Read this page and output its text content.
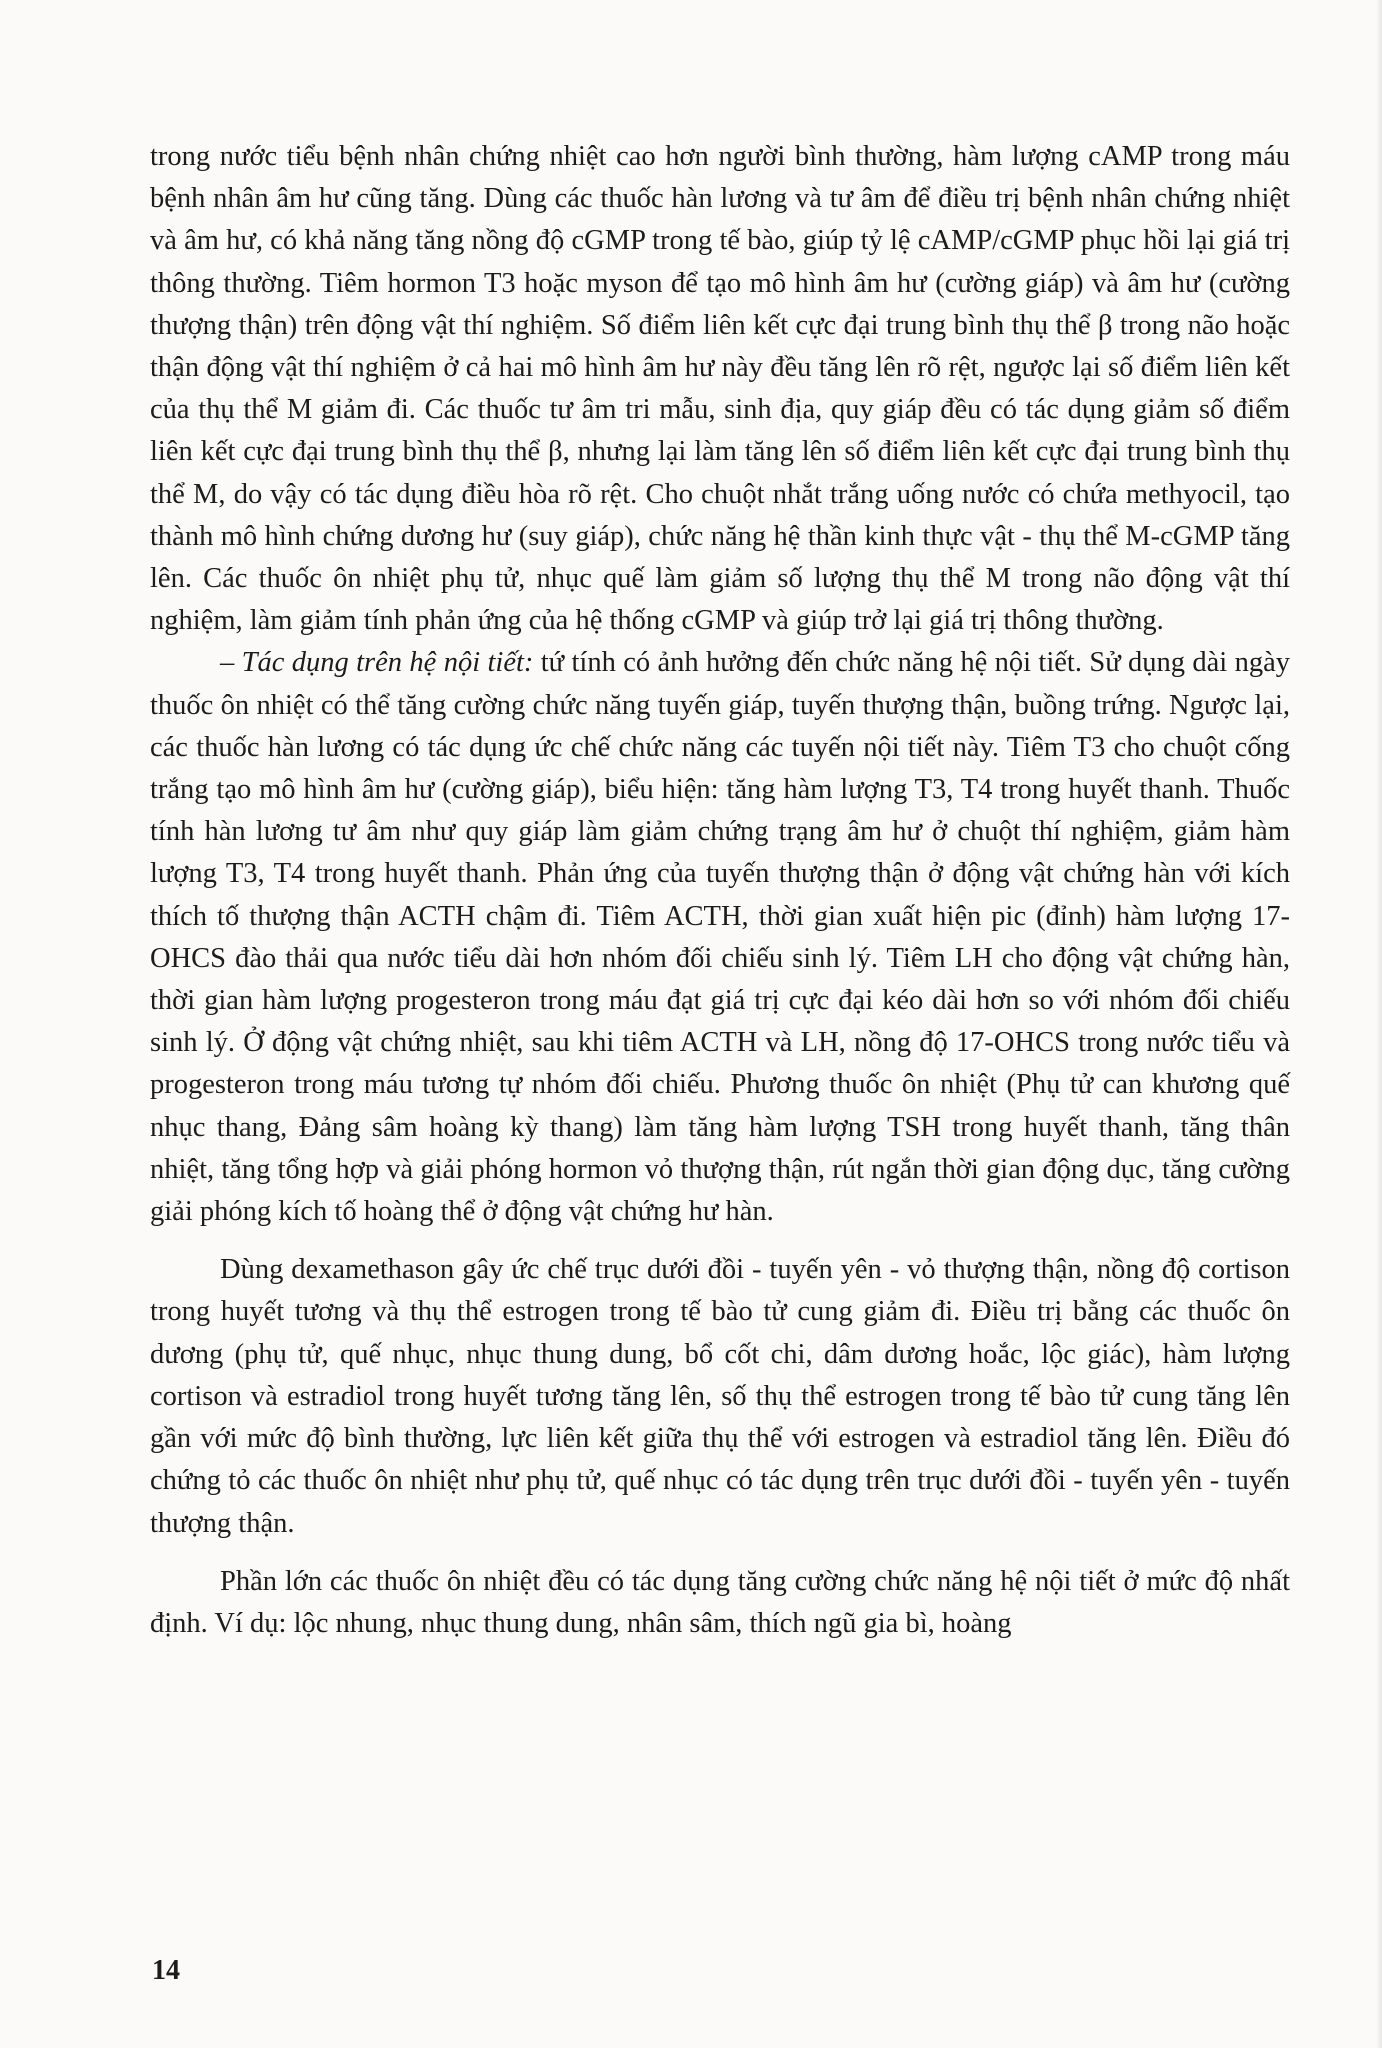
trong nước tiểu bệnh nhân chứng nhiệt cao hơn người bình thường, hàm lượng cAMP trong máu bệnh nhân âm hư cũng tăng. Dùng các thuốc hàn lương và tư âm để điều trị bệnh nhân chứng nhiệt và âm hư, có khả năng tăng nồng độ cGMP trong tế bào, giúp tỷ lệ cAMP/cGMP phục hồi lại giá trị thông thường. Tiêm hormon T3 hoặc myson để tạo mô hình âm hư (cường giáp) và âm hư (cường thượng thận) trên động vật thí nghiệm. Số điểm liên kết cực đại trung bình thụ thể β trong não hoặc thận động vật thí nghiệm ở cả hai mô hình âm hư này đều tăng lên rõ rệt, ngược lại số điểm liên kết của thụ thể M giảm đi. Các thuốc tư âm tri mẫu, sinh địa, quy giáp đều có tác dụng giảm số điểm liên kết cực đại trung bình thụ thể β, nhưng lại làm tăng lên số điểm liên kết cực đại trung bình thụ thể M, do vậy có tác dụng điều hòa rõ rệt. Cho chuột nhắt trắng uống nước có chứa methyocil, tạo thành mô hình chứng dương hư (suy giáp), chức năng hệ thần kinh thực vật - thụ thể M-cGMP tăng lên. Các thuốc ôn nhiệt phụ tử, nhục quế làm giảm số lượng thụ thể M trong não động vật thí nghiệm, làm giảm tính phản ứng của hệ thống cGMP và giúp trở lại giá trị thông thường.

– Tác dụng trên hệ nội tiết: tứ tính có ảnh hưởng đến chức năng hệ nội tiết. Sử dụng dài ngày thuốc ôn nhiệt có thể tăng cường chức năng tuyến giáp, tuyến thượng thận, buồng trứng. Ngược lại, các thuốc hàn lương có tác dụng ức chế chức năng các tuyến nội tiết này. Tiêm T3 cho chuột cống trắng tạo mô hình âm hư (cường giáp), biểu hiện: tăng hàm lượng T3, T4 trong huyết thanh. Thuốc tính hàn lương tư âm như quy giáp làm giảm chứng trạng âm hư ở chuột thí nghiệm, giảm hàm lượng T3, T4 trong huyết thanh. Phản ứng của tuyến thượng thận ở động vật chứng hàn với kích thích tố thượng thận ACTH chậm đi. Tiêm ACTH, thời gian xuất hiện pic (đỉnh) hàm lượng 17-OHCS đào thải qua nước tiểu dài hơn nhóm đối chiếu sinh lý. Tiêm LH cho động vật chứng hàn, thời gian hàm lượng progesteron trong máu đạt giá trị cực đại kéo dài hơn so với nhóm đối chiếu sinh lý. Ở động vật chứng nhiệt, sau khi tiêm ACTH và LH, nồng độ 17-OHCS trong nước tiểu và progesteron trong máu tương tự nhóm đối chiếu. Phương thuốc ôn nhiệt (Phụ tử can khương quế nhục thang, Đảng sâm hoàng kỳ thang) làm tăng hàm lượng TSH trong huyết thanh, tăng thân nhiệt, tăng tổng hợp và giải phóng hormon vỏ thượng thận, rút ngắn thời gian động dục, tăng cường giải phóng kích tố hoàng thể ở động vật chứng hư hàn.

Dùng dexamethason gây ức chế trục dưới đồi - tuyến yên - vỏ thượng thận, nồng độ cortison trong huyết tương và thụ thể estrogen trong tế bào tử cung giảm đi. Điều trị bằng các thuốc ôn dương (phụ tử, quế nhục, nhục thung dung, bổ cốt chi, dâm dương hoắc, lộc giác), hàm lượng cortison và estradiol trong huyết tương tăng lên, số thụ thể estrogen trong tế bào tử cung tăng lên gần với mức độ bình thường, lực liên kết giữa thụ thể với estrogen và estradiol tăng lên. Điều đó chứng tỏ các thuốc ôn nhiệt như phụ tử, quế nhục có tác dụng trên trục dưới đồi - tuyến yên - tuyến thượng thận.

Phần lớn các thuốc ôn nhiệt đều có tác dụng tăng cường chức năng hệ nội tiết ở mức độ nhất định. Ví dụ: lộc nhung, nhục thung dung, nhân sâm, thích ngũ gia bì, hoàng

14
